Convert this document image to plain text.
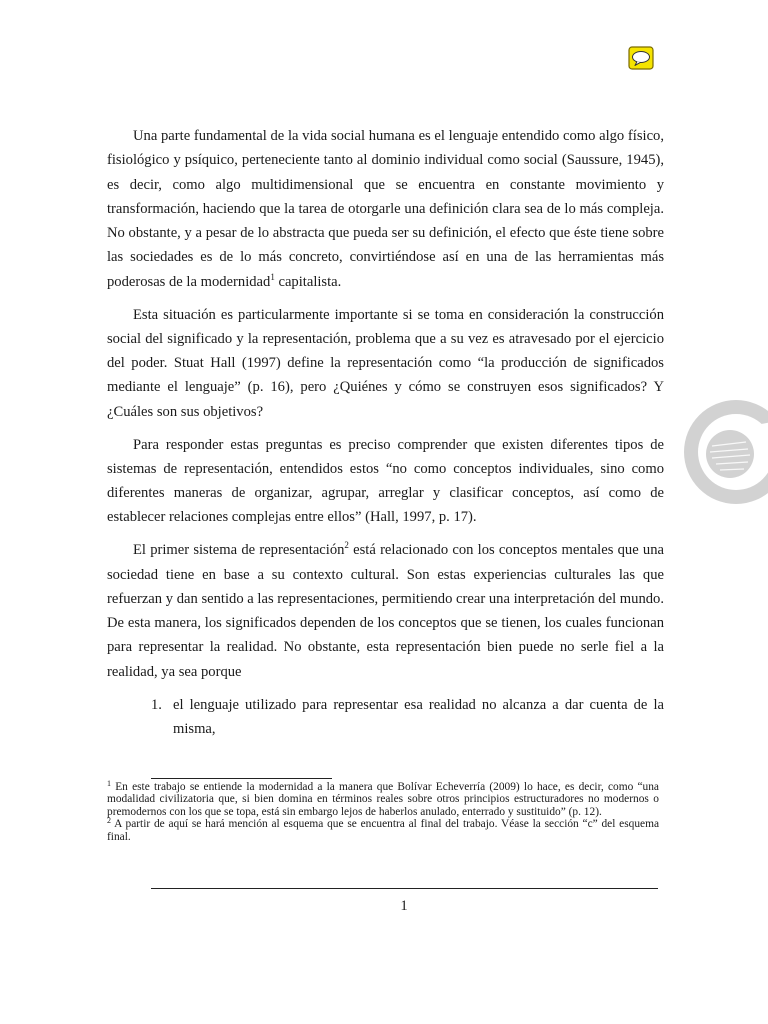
Una parte fundamental de la vida social humana es el lenguaje entendido como algo físico, fisiológico y psíquico, perteneciente tanto al dominio individual como social (Saussure, 1945), es decir, como algo multidimensional que se encuentra en constante movimiento y transformación, haciendo que la tarea de otorgarle una definición clara sea de lo más compleja. No obstante, y a pesar de lo abstracta que pueda ser su definición, el efecto que éste tiene sobre las sociedades es de lo más concreto, convirtiéndose así en una de las herramientas más poderosas de la modernidad$^1$ capitalista.

Esta situación es particularmente importante si se toma en consideración la construcción social del significado y la representación, problema que a su vez es atravesado por el ejercicio del poder. Stuat Hall (1997) define la representación como “la producción de significados mediante el lenguaje” (p. 16), pero ¿Quiénes y cómo se construyen esos significados? Y ¿Cuáles son sus objetivos?

Para responder estas preguntas es preciso comprender que existen diferentes tipos de sistemas de representación, entendidos estos “no como conceptos individuales, sino como diferentes maneras de organizar, agrupar, arreglar y clasificar conceptos, así como de establecer relaciones complejas entre ellos” (Hall, 1997, p. 17).

El primer sistema de representación$^2$ está relacionado con los conceptos mentales que una sociedad tiene en base a su contexto cultural. Son estas experiencias culturales las que refuerzan y dan sentido a las representaciones, permitiendo crear una interpretación del mundo. De esta manera, los significados dependen de los conceptos que se tienen, los cuales funcionan para representar la realidad. No obstante, esta representación bien puede no serle fiel a la realidad, ya sea porque

1. el lenguaje utilizado para representar esa realidad no alcanza a dar cuenta de la misma,

$^1$ En este trabajo se entiende la modernidad a la manera que Bolívar Echeverría (2009) lo hace, es decir, como “una modalidad civilizatoria que, si bien domina en términos reales sobre otros principios estructuradores no modernos o premodernos con los que se topa, está sin embargo lejos de haberlos anulado, enterrado y sustituido” (p. 12).

$^2$ A partir de aquí se hará mención al esquema que se encuentra al final del trabajo. Véase la sección “c” del esquema final.

1
